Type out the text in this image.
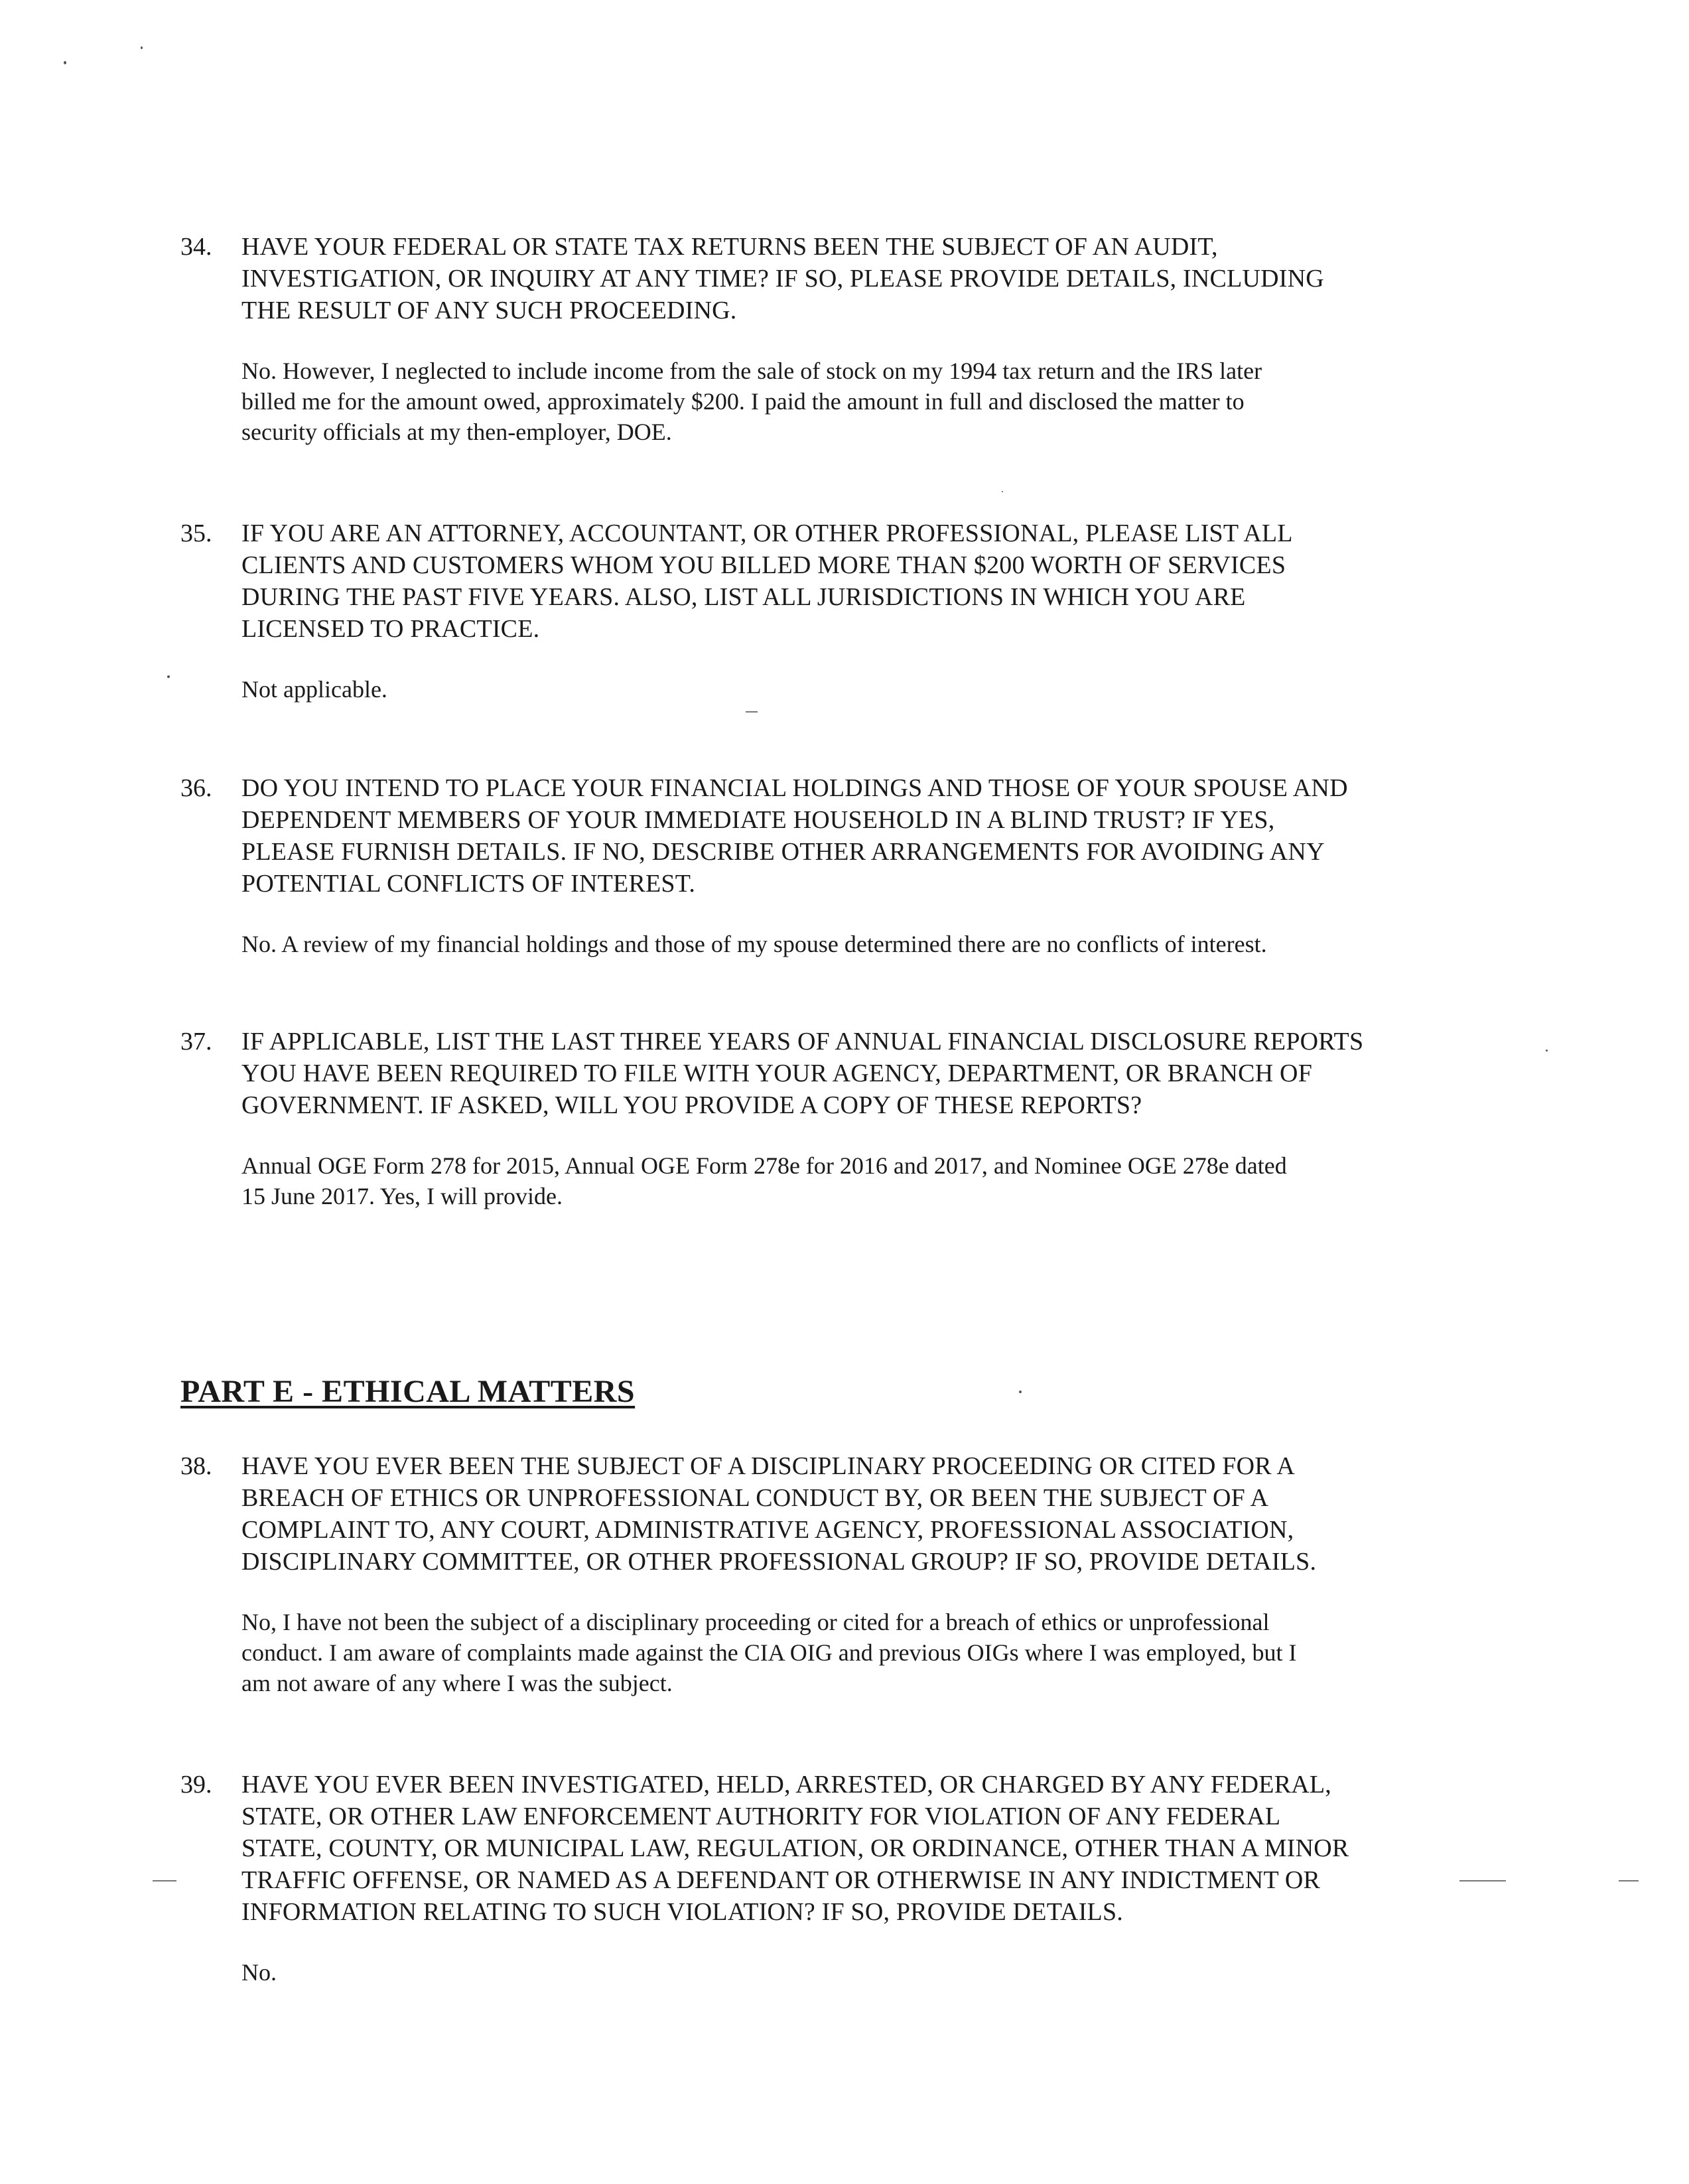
34. HAVE YOUR FEDERAL OR STATE TAX RETURNS BEEN THE SUBJECT OF AN AUDIT,
INVESTIGATION, OR INQUIRY AT ANY TIME? IF SO, PLEASE PROVIDE DETAILS, INCLUDING
THE RESULT OF ANY SUCH PROCEEDING.
No. However, I neglected to include income from the sale of stock on my 1994 tax return and the IRS later
billed me for the amount owed, approximately $200. I paid the amount in full and disclosed the matter to
security officials at my then-employer, DOE.
35. IF YOU ARE AN ATTORNEY, ACCOUNTANT, OR OTHER PROFESSIONAL, PLEASE LIST ALL
CLIENTS AND CUSTOMERS WHOM YOU BILLED MORE THAN $200 WORTH OF SERVICES
DURING THE PAST FIVE YEARS. ALSO, LIST ALL JURISDICTIONS IN WHICH YOU ARE
LICENSED TO PRACTICE.
Not applicable.
36. DO YOU INTEND TO PLACE YOUR FINANCIAL HOLDINGS AND THOSE OF YOUR SPOUSE AND
DEPENDENT MEMBERS OF YOUR IMMEDIATE HOUSEHOLD IN A BLIND TRUST? IF YES,
PLEASE FURNISH DETAILS. IF NO, DESCRIBE OTHER ARRANGEMENTS FOR AVOIDING ANY
POTENTIAL CONFLICTS OF INTEREST.
No. A review of my financial holdings and those of my spouse determined there are no conflicts of interest.
37. IF APPLICABLE, LIST THE LAST THREE YEARS OF ANNUAL FINANCIAL DISCLOSURE REPORTS
YOU HAVE BEEN REQUIRED TO FILE WITH YOUR AGENCY, DEPARTMENT, OR BRANCH OF
GOVERNMENT. IF ASKED, WILL YOU PROVIDE A COPY OF THESE REPORTS?
Annual OGE Form 278 for 2015, Annual OGE Form 278e for 2016 and 2017, and Nominee OGE 278e dated
15 June 2017. Yes, I will provide.
PART E - ETHICAL MATTERS
38. HAVE YOU EVER BEEN THE SUBJECT OF A DISCIPLINARY PROCEEDING OR CITED FOR A
BREACH OF ETHICS OR UNPROFESSIONAL CONDUCT BY, OR BEEN THE SUBJECT OF A
COMPLAINT TO, ANY COURT, ADMINISTRATIVE AGENCY, PROFESSIONAL ASSOCIATION,
DISCIPLINARY COMMITTEE, OR OTHER PROFESSIONAL GROUP? IF SO, PROVIDE DETAILS.
No, I have not been the subject of a disciplinary proceeding or cited for a breach of ethics or unprofessional
conduct. I am aware of complaints made against the CIA OIG and previous OIGs where I was employed, but I
am not aware of any where I was the subject.
39. HAVE YOU EVER BEEN INVESTIGATED, HELD, ARRESTED, OR CHARGED BY ANY FEDERAL,
STATE, OR OTHER LAW ENFORCEMENT AUTHORITY FOR VIOLATION OF ANY FEDERAL
STATE, COUNTY, OR MUNICIPAL LAW, REGULATION, OR ORDINANCE, OTHER THAN A MINOR
TRAFFIC OFFENSE, OR NAMED AS A DEFENDANT OR OTHERWISE IN ANY INDICTMENT OR
INFORMATION RELATING TO SUCH VIOLATION? IF SO, PROVIDE DETAILS.
No.
